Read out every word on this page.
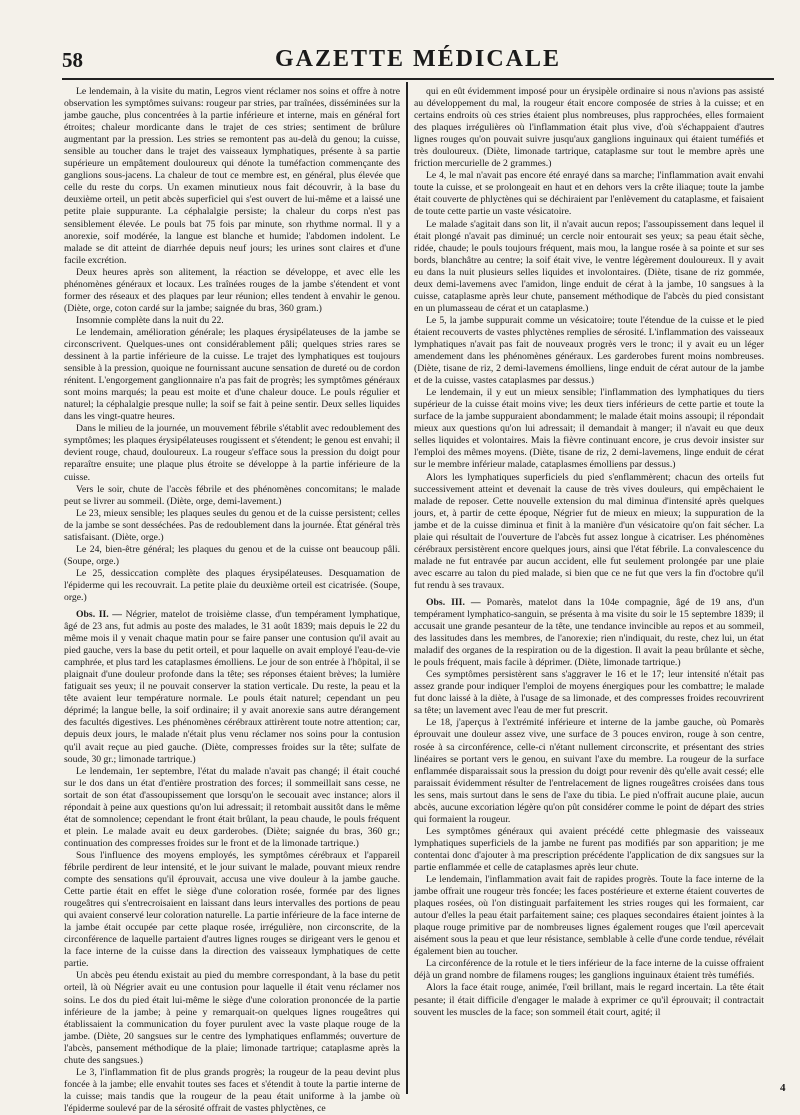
58	GAZETTE MÉDICALE

Le lendemain, à la visite du matin, Legros vient réclamer nos soins et offre à notre observation les symptômes suivans: rougeur par stries, par traînées, disséminées sur la jambe gauche, plus concentrées à la partie inférieure et interne, mais en général fort étroites; chaleur mordicante dans le trajet de ces stries; sentiment de brûlure augmentant par la pression. Les stries se remontent pas au-delà du genou; la cuisse, sensible au toucher dans le trajet des vaisseaux lymphatiques, présente à sa partie supérieure un empâtement douloureux qui dénote la tuméfaction commençante des ganglions sous-jacens. La chaleur de tout ce membre est, en général, plus élevée que celle du reste du corps. Un examen minutieux nous fait découvrir, à la base du deuxième orteil, un petit abcès superficiel qui s'est ouvert de lui-même et a laissé une petite plaie suppurante. La céphalalgie persiste; la chaleur du corps n'est pas sensiblement élevée. Le pouls bat 75 fois par minute, son rhythme normal. Il y a anorexie, soif modérée, la langue est blanche et humide; l'abdomen indolent. Le malade se dit atteint de diarrhée depuis neuf jours; les urines sont claires et d'une facile excrétion.

Deux heures après son alitement, la réaction se développe, et avec elle les phénomènes généraux et locaux. Les traînées rouges de la jambe s'étendent et vont former des réseaux et des plaques par leur réunion; elles tendent à envahir le genou. (Diète, orge, coton cardé sur la jambe; saignée du bras, 360 gram.)

Insomnie complète dans la nuit du 22.

Le lendemain, amélioration générale; les plaques érysipélateuses de la jambe se circonscrivent. Quelques-unes ont considérablement pâli; quelques stries rares se dessinent à la partie inférieure de la cuisse. Le trajet des lymphatiques est toujours sensible à la pression, quoique ne fournissant aucune sensation de dureté ou de cordon rénitent. L'engorgement ganglionnaire n'a pas fait de progrès; les symptômes généraux sont moins marqués; la peau est moite et d'une chaleur douce. Le pouls régulier et naturel; la céphalalgie presque nulle; la soif se fait à peine sentir. Deux selles liquides dans les vingt-quatre heures.

Dans le milieu de la journée, un mouvement fébrile s'établit avec redoublement des symptômes; les plaques érysipélateuses rougissent et s'étendent; le genou est envahi; il devient rouge, chaud, douloureux. La rougeur s'efface sous la pression du doigt pour reparaître ensuite; une plaque plus étroite se développe à la partie inférieure de la cuisse.

Vers le soir, chute de l'accès fébrile et des phénomènes concomitans; le malade peut se livrer au sommeil. (Diète, orge, demi-lavement.)

Le 23, mieux sensible; les plaques seules du genou et de la cuisse persistent; celles de la jambe se sont desséchées. Pas de redoublement dans la journée. État général très satisfaisant. (Diète, orge.)

Le 24, bien-être général; les plaques du genou et de la cuisse ont beaucoup pâli. (Soupe, orge.)

Le 25, dessiccation complète des plaques érysipélateuses. Desquamation de l'épiderme qui les recouvrait. La petite plaie du deuxième orteil est cicatrisée. (Soupe, orge.)

Obs. II. — Négrier, matelot de troisième classe, d'un tempérament lymphatique, âgé de 23 ans, fut admis au poste des malades, le 31 août 1839; mais depuis le 22 du même mois il y venait chaque matin pour se faire panser une contusion qu'il avait au pied gauche, vers la base du petit orteil, et pour laquelle on avait employé l'eau-de-vie camphrée, et plus tard les cataplasmes émolliens. Le jour de son entrée à l'hôpital, il se plaignait d'une douleur profonde dans la tête; ses réponses étaient brèves; la lumière fatiguait ses yeux; il ne pouvait conserver la station verticale. Du reste, la peau et la tête avaient leur température normale. Le pouls était naturel; cependant un peu déprimé; la langue belle, la soif ordinaire; il y avait anorexie sans autre dérangement des facultés digestives. Les phénomènes cérébraux attirèrent toute notre attention; car, depuis deux jours, le malade n'était plus venu réclamer nos soins pour la contusion qu'il avait reçue au pied gauche. (Diète, compresses froides sur la tête; sulfate de soude, 30 gr.; limonade tartrique.)

Le lendemain, 1er septembre, l'état du malade n'avait pas changé; il était couché sur le dos dans un état d'entière prostration des forces; il sommeillait sans cesse, ne sortait de son état d'assoupissement que lorsqu'on le secouait avec instance; alors il répondait à peine aux questions qu'on lui adressait; il retombait aussitôt dans le même état de somnolence; cependant le front était brûlant, la peau chaude, le pouls fréquent et plein. Le malade avait eu deux garderobes. (Diète; saignée du bras, 360 gr.; continuation des compresses froides sur le front et de la limonade tartrique.)

Sous l'influence des moyens employés, les symptômes cérébraux et l'appareil fébrile perdirent de leur intensité, et le jour suivant le malade, pouvant mieux rendre compte des sensations qu'il éprouvait, accusa une vive douleur à la jambe gauche. Cette partie était en effet le siège d'une coloration rosée, formée par des lignes rougeâtres qui s'entrecroisaient en laissant dans leurs intervalles des portions de peau qui avaient conservé leur coloration naturelle. La partie inférieure de la face interne de la jambe était occupée par cette plaque rosée, irrégulière, non circonscrite, de la circonférence de laquelle partaient d'autres lignes rouges se dirigeant vers le genou et la face interne de la cuisse dans la direction des vaisseaux lymphatiques de cette partie.

Un abcès peu étendu existait au pied du membre correspondant, à la base du petit orteil, là où Négrier avait eu une contusion pour laquelle il était venu réclamer nos soins. Le dos du pied était lui-même le siège d'une coloration prononcée de la partie inférieure de la jambe; à peine y remarquait-on quelques lignes rougeâtres qui établissaient la communication du foyer purulent avec la vaste plaque rouge de la jambe. (Diète, 20 sangsues sur le centre des lymphatiques enflammés; ouverture de l'abcès, pansement méthodique de la plaie; limonade tartrique; cataplasme après la chute des sangsues.)

Le 3, l'inflammation fit de plus grands progrès; la rougeur de la peau devint plus foncée à la jambe; elle envahit toutes ses faces et s'étendit à toute la partie interne de la cuisse; mais tandis que la rougeur de la peau était uniforme à la jambe où l'épiderme soulevé par de la sérosité offrait de vastes phlyctènes, ce

qui en eût évidemment imposé pour un érysipèle ordinaire si nous n'avions pas assisté au développement du mal, la rougeur était encore composée de stries à la cuisse; et en certains endroits où ces stries étaient plus nombreuses, plus rapprochées, elles formaient des plaques irrégulières où l'inflammation était plus vive, d'où s'échappaient d'autres lignes rouges qu'on pouvait suivre jusqu'aux ganglions inguinaux qui étaient tuméfiés et très douloureux. (Diète, limonade tartrique, cataplasme sur tout le membre après une friction mercurielle de 2 grammes.)

Le 4, le mal n'avait pas encore été enrayé dans sa marche; l'inflammation avait envahi toute la cuisse, et se prolongeait en haut et en dehors vers la crête iliaque; toute la jambe était couverte de phlyctènes qui se déchiraient par l'enlèvement du cataplasme, et faisaient de toute cette partie un vaste vésicatoire.

Le malade s'agitait dans son lit, il n'avait aucun repos; l'assoupissement dans lequel il était plongé n'avait pas diminué; un cercle noir entourait ses yeux; sa peau était sèche, ridée, chaude; le pouls toujours fréquent, mais mou, la langue rosée à sa pointe et sur ses bords, blanchâtre au centre; la soif était vive, le ventre légèrement douloureux. Il y avait eu dans la nuit plusieurs selles liquides et involontaires. (Diète, tisane de riz gommée, deux demi-lavemens avec l'amidon, linge enduit de cérat à la jambe, 10 sangsues à la cuisse, cataplasme après leur chute, pansement méthodique de l'abcès du pied consistant en un plumasseau de cérat et un cataplasme.)

Le 5, la jambe suppurait comme un vésicatoire; toute l'étendue de la cuisse et le pied étaient recouverts de vastes phlyctènes remplies de sérosité. L'inflammation des vaisseaux lymphatiques n'avait pas fait de nouveaux progrès vers le tronc; il y avait eu un léger amendement dans les phénomènes généraux. Les garderobes furent moins nombreuses. (Diète, tisane de riz, 2 demi-lavemens émolliens, linge enduit de cérat autour de la jambe et de la cuisse, vastes cataplasmes par dessus.)

Le lendemain, il y eut un mieux sensible; l'inflammation des lymphatiques du tiers supérieur de la cuisse était moins vive; les deux tiers inférieurs de cette partie et toute la surface de la jambe suppuraient abondamment; le malade était moins assoupi; il répondait mieux aux questions qu'on lui adressait; il demandait à manger; il n'avait eu que deux selles liquides et volontaires. Mais la fièvre continuant encore, je crus devoir insister sur l'emploi des mêmes moyens. (Diète, tisane de riz, 2 demi-lavemens, linge enduit de cérat sur le membre inférieur malade, cataplasmes émolliens par dessus.)

Alors les lymphatiques superficiels du pied s'enflammèrent; chacun des orteils fut successivement atteint et devenait la cause de très vives douleurs, qui empêchaient le malade de reposer. Cette nouvelle extension du mal diminua d'intensité après quelques jours, et, à partir de cette époque, Négrier fut de mieux en mieux; la suppuration de la jambe et de la cuisse diminua et finit à la manière d'un vésicatoire qu'on fait sécher. La plaie qui résultait de l'ouverture de l'abcès fut assez longue à cicatriser. Les phénomènes cérébraux persistèrent encore quelques jours, ainsi que l'état fébrile. La convalescence du malade ne fut entravée par aucun accident, elle fut seulement prolongée par une plaie avec escarre au talon du pied malade, si bien que ce ne fut que vers la fin d'octobre qu'il fut rendu à ses travaux.

Obs. III. — Pomarès, matelot dans la 104e compagnie, âgé de 19 ans, d'un tempérament lymphatico-sanguin, se présenta à ma visite du soir le 15 septembre 1839; il accusait une grande pesanteur de la tête, une tendance invincible au repos et au sommeil, des lassitudes dans les membres, de l'anorexie; rien n'indiquait, du reste, chez lui, un état maladif des organes de la respiration ou de la digestion. Il avait la peau brûlante et sèche, le pouls fréquent, mais facile à déprimer. (Diète, limonade tartrique.)

Ces symptômes persistèrent sans s'aggraver le 16 et le 17; leur intensité n'était pas assez grande pour indiquer l'emploi de moyens énergiques pour les combattre; le malade fut donc laissé à la diète, à l'usage de sa limonade, et des compresses froides recouvrirent sa tête; un lavement avec l'eau de mer fut prescrit.

Le 18, j'aperçus à l'extrémité inférieure et interne de la jambe gauche, où Pomarès éprouvait une douleur assez vive, une surface de 3 pouces environ, rouge à son centre, rosée à sa circonférence, celle-ci n'étant nullement circonscrite, et présentant des stries linéaires se portant vers le genou, en suivant l'axe du membre. La rougeur de la surface enflammée disparaissait sous la pression du doigt pour revenir dès qu'elle avait cessé; elle paraissait évidemment résulter de l'entrelacement de lignes rougeâtres croisées dans tous les sens, mais surtout dans le sens de l'axe du tibia. Le pied n'offrait aucune plaie, aucun abcès, aucune excoriation légère qu'on pût considérer comme le point de départ des stries qui formaient la rougeur.

Les symptômes généraux qui avaient précédé cette phlegmasie des vaisseaux lymphatiques superficiels de la jambe ne furent pas modifiés par son apparition; je me contentai donc d'ajouter à ma prescription précédente l'application de dix sangsues sur la partie enflammée et celle de cataplasmes après leur chute.

Le lendemain, l'inflammation avait fait de rapides progrès. Toute la face interne de la jambe offrait une rougeur très foncée; les faces postérieure et externe étaient couvertes de plaques rosées, où l'on distinguait parfaitement les stries rouges qui les formaient, car autour d'elles la peau était parfaitement saine; ces plaques secondaires étaient jointes à la plaque rouge primitive par de nombreuses lignes également rouges que l'œil apercevait aisément sous la peau et que leur résistance, semblable à celle d'une corde tendue, révélait également bien au toucher.

La circonférence de la rotule et le tiers inférieur de la face interne de la cuisse offraient déjà un grand nombre de filamens rouges; les ganglions inguinaux étaient très tuméfiés.

Alors la face était rouge, animée, l'œil brillant, mais le regard incertain. La tête était pesante; il était difficile d'engager le malade à exprimer ce qu'il éprouvait; il contractait souvent les muscles de la face; son sommeil était court, agité; il

4
